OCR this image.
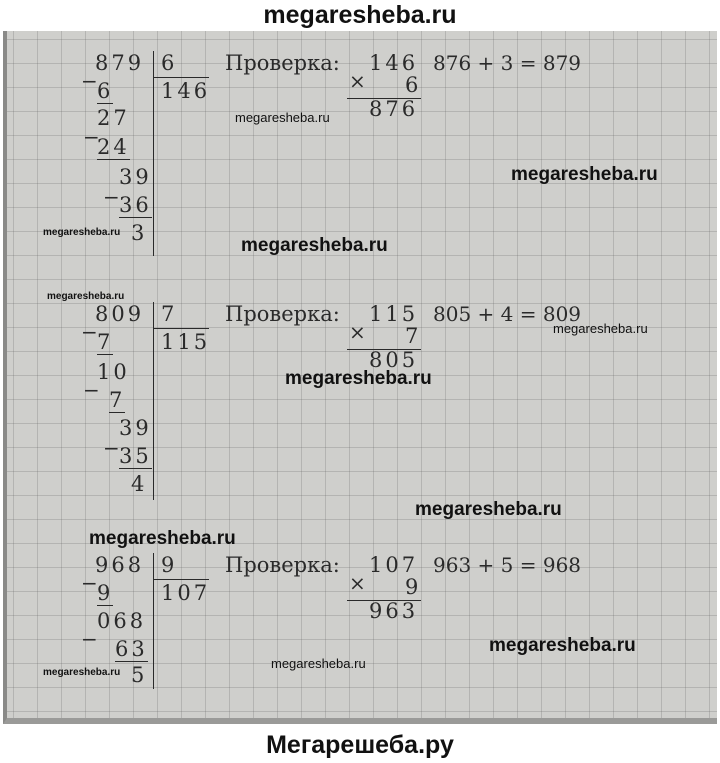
megaresheba.ru
879 6
146
− 6
27
−
24
39
− 36
3
Проверка:
×
146
6
876
876 + 3 = 879
809 7
115
− 7
10
− 7
39
− 35
4
Проверка:
×
115
7
805
805 + 4 = 809
968 9
107
− 9
068
− 63
5
Проверка:
×
107
9
963
963 + 5 = 968
megaresheba.ru
megaresheba.ru
megaresheba.ru
megaresheba.ru
megaresheba.ru
megaresheba.ru
megaresheba.ru
megaresheba.ru
megaresheba.ru
megaresheba.ru
megaresheba.ru
megaresheba.ru
Мегарешеба.ру
